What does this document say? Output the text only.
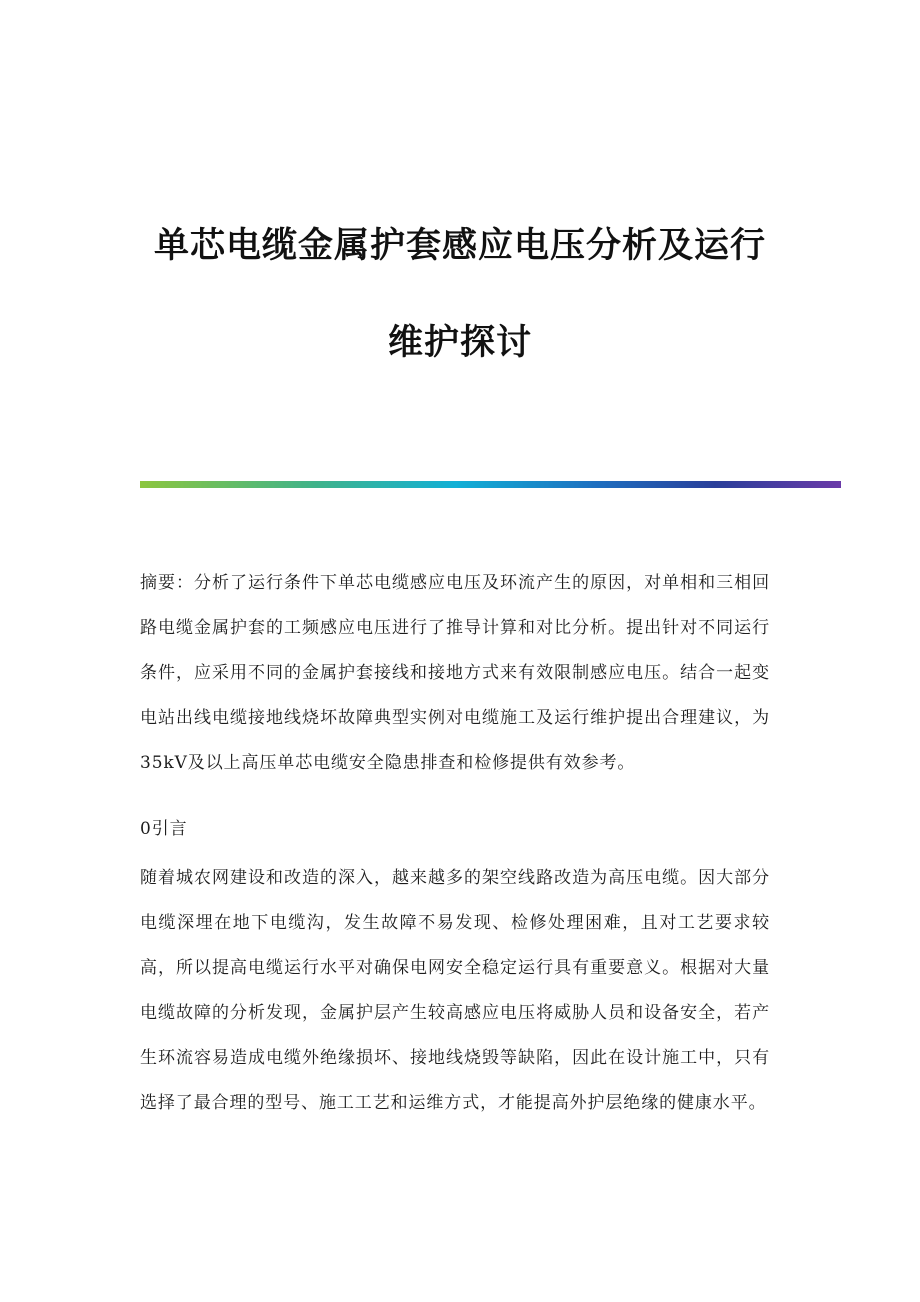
单芯电缆金属护套感应电压分析及运行
维护探讨
摘要：分析了运行条件下单芯电缆感应电压及环流产生的原因，对单相和三相回路电缆金属护套的工频感应电压进行了推导计算和对比分析。提出针对不同运行条件，应采用不同的金属护套接线和接地方式来有效限制感应电压。结合一起变电站出线电缆接地线烧坏故障典型实例对电缆施工及运行维护提出合理建议，为35kV及以上高压单芯电缆安全隐患排查和检修提供有效参考。
0引言
随着城农网建设和改造的深入，越来越多的架空线路改造为高压电缆。因大部分电缆深埋在地下电缆沟，发生故障不易发现、检修处理困难，且对工艺要求较高，所以提高电缆运行水平对确保电网安全稳定运行具有重要意义。根据对大量电缆故障的分析发现，金属护层产生较高感应电压将威胁人员和设备安全，若产生环流容易造成电缆外绝缘损坏、接地线烧毁等缺陷，因此在设计施工中，只有选择了最合理的型号、施工工艺和运维方式，才能提高外护层绝缘的健康水平。
